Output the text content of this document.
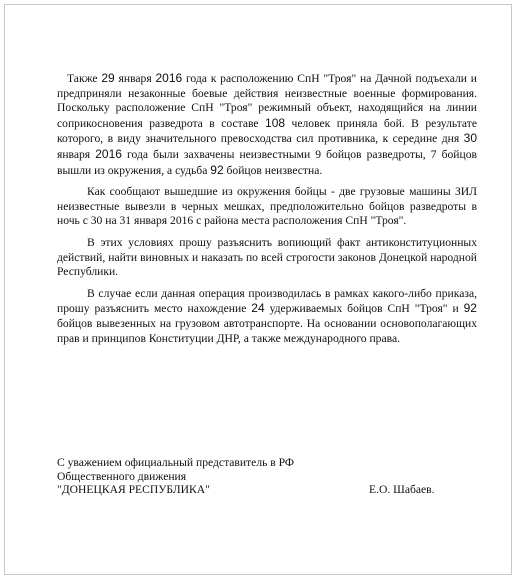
Также 29 января 2016 года к расположению СпН "Троя" на Дачной подъехали и предприняли незаконные боевые действия неизвестные военные формирования. Поскольку расположение СпН "Троя" режимный объект, находящийся на линии соприкосновения разведрота в составе 108 человек приняла бой. В результате которого, в виду значительного превосходства сил противника, к середине дня 30 января 2016 года были захвачены неизвестными 9 бойцов разведроты, 7 бойцов вышли из окружения, а судьба 92 бойцов неизвестна.

Как сообщают вышедшие из окружения бойцы - две грузовые машины ЗИЛ неизвестные вывезли в черных мешках, предположительно бойцов разведроты в ночь с 30 на 31 января 2016 с района места расположения СпН "Троя".

В этих условиях прошу разъяснить вопиющий факт антиконституционных действий, найти виновных и наказать по всей строгости законов Донецкой народной Республики.

В случае если данная операция производилась в рамках какого-либо приказа, прошу разъяснить место нахождение 24 удерживаемых бойцов СпН "Троя" и 92 бойцов вывезенных на грузовом автотранспорте. На основании основополагающих прав и принципов Конституции ДНР, а также международного права.

С уважением официальный представитель в РФ
Общественного движения
"ДОНЕЦКАЯ РЕСПУБЛИКА"	Е.О. Шабаев.
